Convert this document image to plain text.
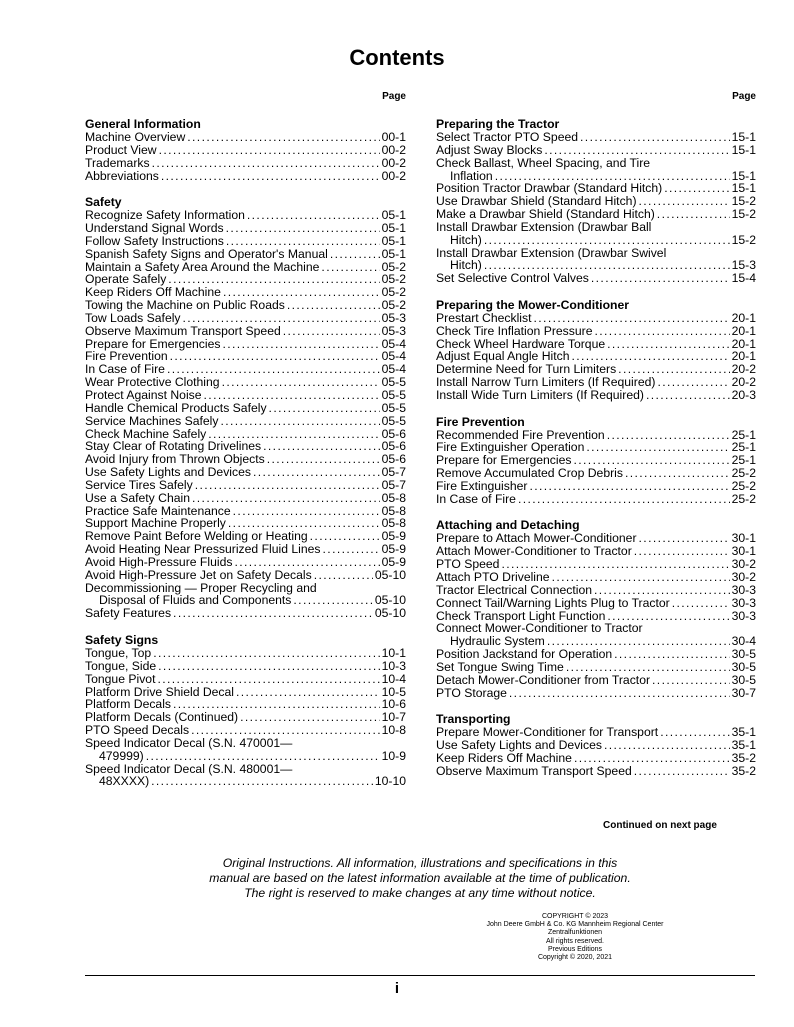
Contents
Page
General Information
Machine Overview . . .	00-1
Product View . . .	00-2
Trademarks . . .	00-2
Abbreviations . . .	00-2
Safety
Recognize Safety Information . . .	05-1
Understand Signal Words . . .	05-1
Follow Safety Instructions . . .	05-1
Spanish Safety Signs and Operator's Manual . . .	05-1
Maintain a Safety Area Around the Machine . . .	05-2
Operate Safely . . .	05-2
Keep Riders Off Machine . . .	05-2
Towing the Machine on Public Roads . . .	05-2
Tow Loads Safely . . .	05-3
Observe Maximum Transport Speed . . .	05-3
Prepare for Emergencies . . .	05-4
Fire Prevention . . .	05-4
In Case of Fire . . .	05-4
Wear Protective Clothing . . .	05-5
Protect Against Noise . . .	05-5
Handle Chemical Products Safely . . .	05-5
Service Machines Safely . . .	05-5
Check Machine Safely . . .	05-6
Stay Clear of Rotating Drivelines . . .	05-6
Avoid Injury from Thrown Objects . . .	05-6
Use Safety Lights and Devices . . .	05-7
Service Tires Safely . . .	05-7
Use a Safety Chain . . .	05-8
Practice Safe Maintenance . . .	05-8
Support Machine Properly . . .	05-8
Remove Paint Before Welding or Heating . . .	05-9
Avoid Heating Near Pressurized Fluid Lines . . .	05-9
Avoid High-Pressure Fluids . . .	05-9
Avoid High-Pressure Jet on Safety Decals . . .	05-10
Decommissioning — Proper Recycling and
Disposal of Fluids and Components . . .	05-10
Safety Features . . .	05-10
Safety Signs
Tongue, Top . . .	10-1
Tongue, Side . . .	10-3
Tongue Pivot . . .	10-4
Platform Drive Shield Decal . . .	10-5
Platform Decals . . .	10-6
Platform Decals (Continued) . . .	10-7
PTO Speed Decals . . .	10-8
Speed Indicator Decal (S.N. 470001—
479999) . . .	10-9
Speed Indicator Decal (S.N. 480001—
48XXXX) . . .	10-10
Page
Preparing the Tractor
Select Tractor PTO Speed . . .	15-1
Adjust Sway Blocks . . .	15-1
Check Ballast, Wheel Spacing, and Tire
Inflation . . .	15-1
Position Tractor Drawbar (Standard Hitch) . . .	15-1
Use Drawbar Shield (Standard Hitch) . . .	15-2
Make a Drawbar Shield (Standard Hitch) . . .	15-2
Install Drawbar Extension (Drawbar Ball
Hitch) . . .	15-2
Install Drawbar Extension (Drawbar Swivel
Hitch) . . .	15-3
Set Selective Control Valves . . .	15-4
Preparing the Mower-Conditioner
Prestart Checklist . . .	20-1
Check Tire Inflation Pressure . . .	20-1
Check Wheel Hardware Torque . . .	20-1
Adjust Equal Angle Hitch . . .	20-1
Determine Need for Turn Limiters . . .	20-2
Install Narrow Turn Limiters (If Required) . . .	20-2
Install Wide Turn Limiters (If Required) . . .	20-3
Fire Prevention
Recommended Fire Prevention . . .	25-1
Fire Extinguisher Operation . . .	25-1
Prepare for Emergencies . . .	25-1
Remove Accumulated Crop Debris . . .	25-2
Fire Extinguisher . . .	25-2
In Case of Fire . . .	25-2
Attaching and Detaching
Prepare to Attach Mower-Conditioner . . .	30-1
Attach Mower-Conditioner to Tractor . . .	30-1
PTO Speed . . .	30-2
Attach PTO Driveline . . .	30-2
Tractor Electrical Connection . . .	30-3
Connect Tail/Warning Lights Plug to Tractor . . .	30-3
Check Transport Light Function . . .	30-3
Connect Mower-Conditioner to Tractor
Hydraulic System . . .	30-4
Position Jackstand for Operation . . .	30-5
Set Tongue Swing Time . . .	30-5
Detach Mower-Conditioner from Tractor . . .	30-5
PTO Storage . . .	30-7
Transporting
Prepare Mower-Conditioner for Transport . . .	35-1
Use Safety Lights and Devices . . .	35-1
Keep Riders Off Machine . . .	35-2
Observe Maximum Transport Speed . . .	35-2
Continued on next page
Original Instructions. All information, illustrations and specifications in this
manual are based on the latest information available at the time of publication.
The right is reserved to make changes at any time without notice.
COPYRIGHT © 2023
John Deere GmbH & Co. KG Mannheim Regional Center
Zentralfunktionen
All rights reserved.
Previous Editions
Copyright © 2020, 2021
i
